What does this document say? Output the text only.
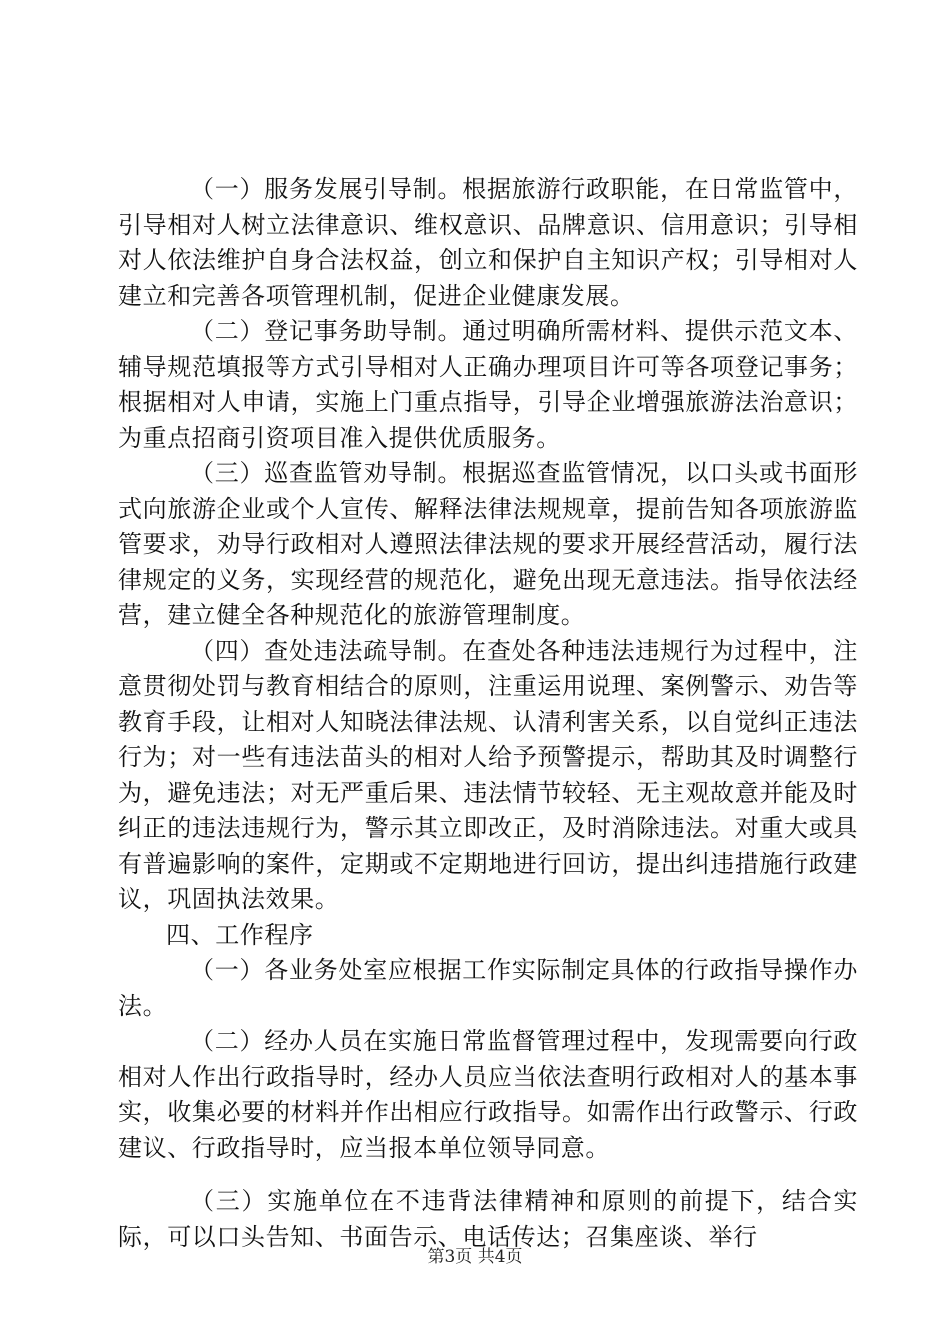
（一）服务发展引导制。根据旅游行政职能，在日常监管中，引导相对人树立法律意识、维权意识、品牌意识、信用意识；引导相对人依法维护自身合法权益，创立和保护自主知识产权；引导相对人建立和完善各项管理机制，促进企业健康发展。

（二）登记事务助导制。通过明确所需材料、提供示范文本、辅导规范填报等方式引导相对人正确办理项目许可等各项登记事务；根据相对人申请，实施上门重点指导，引导企业增强旅游法治意识；为重点招商引资项目准入提供优质服务。

（三）巡查监管劝导制。根据巡查监管情况，以口头或书面形式向旅游企业或个人宣传、解释法律法规规章，提前告知各项旅游监管要求，劝导行政相对人遵照法律法规的要求开展经营活动，履行法律规定的义务，实现经营的规范化，避免出现无意违法。指导依法经营，建立健全各种规范化的旅游管理制度。

（四）查处违法疏导制。在查处各种违法违规行为过程中，注意贯彻处罚与教育相结合的原则，注重运用说理、案例警示、劝告等教育手段，让相对人知晓法律法规、认清利害关系，以自觉纠正违法行为；对一些有违法苗头的相对人给予预警提示，帮助其及时调整行为，避免违法；对无严重后果、违法情节较轻、无主观故意并能及时纠正的违法违规行为，警示其立即改正，及时消除违法。对重大或具有普遍影响的案件，定期或不定期地进行回访，提出纠违措施行政建议，巩固执法效果。

四、工作程序

（一）各业务处室应根据工作实际制定具体的行政指导操作办法。

（二）经办人员在实施日常监督管理过程中，发现需要向行政相对人作出行政指导时，经办人员应当依法查明行政相对人的基本事实，收集必要的材料并作出相应行政指导。如需作出行政警示、行政建议、行政指导时，应当报本单位领导同意。

（三）实施单位在不违背法律精神和原则的前提下，结合实际，可以口头告知、书面告示、电话传达；召集座谈、举行

第3页 共4页
